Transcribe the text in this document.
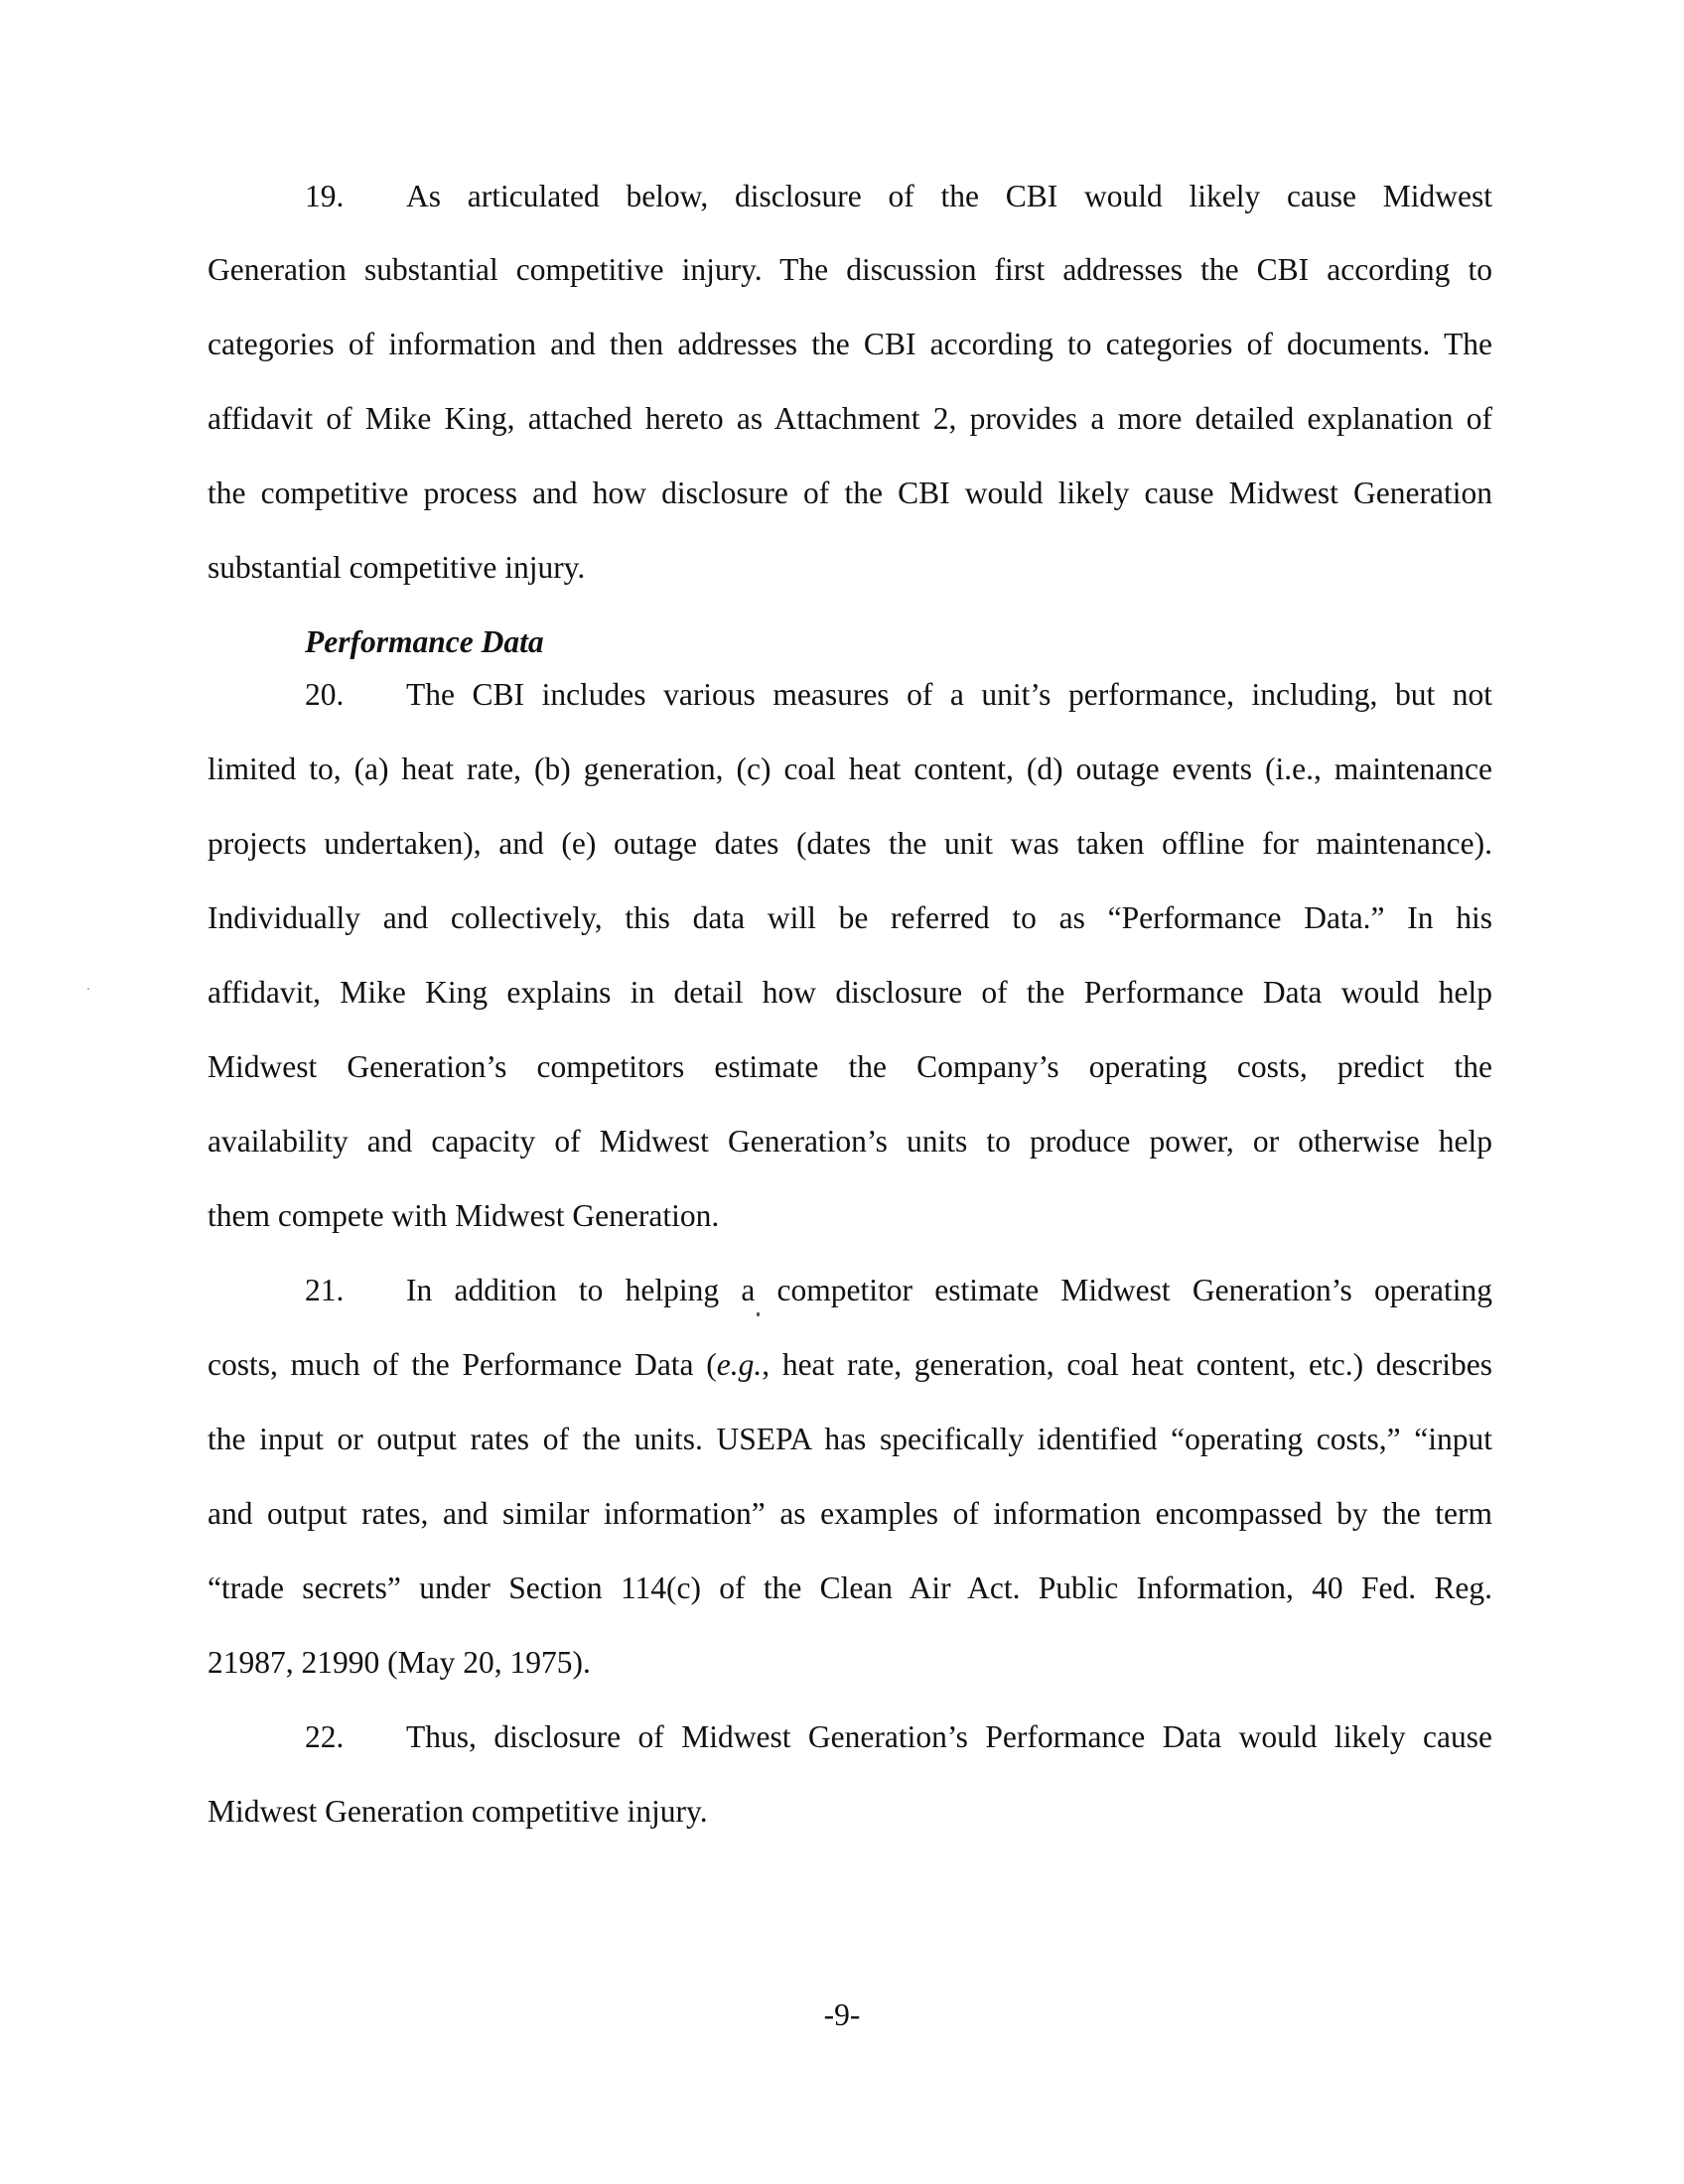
19. As articulated below, disclosure of the CBI would likely cause Midwest
Generation substantial competitive injury. The discussion first addresses the CBI according to
categories of information and then addresses the CBI according to categories of documents. The
affidavit of Mike King, attached hereto as Attachment 2, provides a more detailed explanation of
the competitive process and how disclosure of the CBI would likely cause Midwest Generation
substantial competitive injury.
Performance Data
20. The CBI includes various measures of a unit’s performance, including, but not
limited to, (a) heat rate, (b) generation, (c) coal heat content, (d) outage events (i.e., maintenance
projects undertaken), and (e) outage dates (dates the unit was taken offline for maintenance).
Individually and collectively, this data will be referred to as “Performance Data.” In his
affidavit, Mike King explains in detail how disclosure of the Performance Data would help
Midwest Generation’s competitors estimate the Company’s operating costs, predict the
availability and capacity of Midwest Generation’s units to produce power, or otherwise help
them compete with Midwest Generation.
21. In addition to helping a competitor estimate Midwest Generation’s operating
costs, much of the Performance Data (e.g., heat rate, generation, coal heat content, etc.) describes
the input or output rates of the units. USEPA has specifically identified “operating costs,” “input
and output rates, and similar information” as examples of information encompassed by the term
“trade secrets” under Section 114(c) of the Clean Air Act. Public Information, 40 Fed. Reg.
21987, 21990 (May 20, 1975).
22. Thus, disclosure of Midwest Generation’s Performance Data would likely cause
Midwest Generation competitive injury.
-9-
